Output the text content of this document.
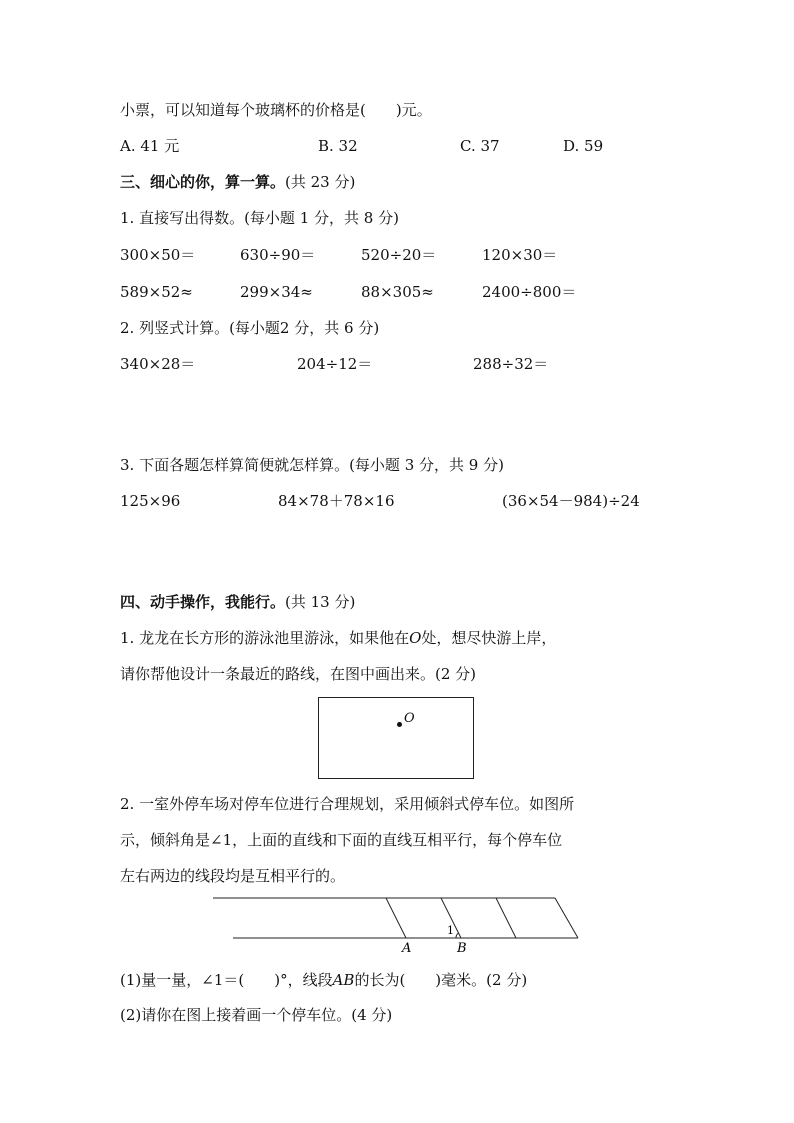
小票，可以知道每个玻璃杯的价格是( )元。
A. 41 元	B. 32	C. 37	D. 59
三、细心的你，算一算。(共 23 分)
1. 直接写出得数。(每小题 1 分，共 8 分)
300×50＝	630÷90＝	520÷20＝	120×30＝
589×52≈	299×34≈	88×305≈	2400÷800＝
2. 列竖式计算。(每小题2 分，共 6 分)
340×28＝	204÷12＝	288÷32＝
3. 下面各题怎样算简便就怎样算。(每小题 3 分，共 9 分)
125×96	84×78＋78×16	(36×54－984)÷24
四、动手操作，我能行。(共 13 分)
1. 龙龙在长方形的游泳池里游泳，如果他在O处，想尽快游上岸，
请你帮他设计一条最近的路线，在图中画出来。(2 分)
O
2. 一室外停车场对停车位进行合理规划，采用倾斜式停车位。如图所
示，倾斜角是∠1，上面的直线和下面的直线互相平行，每个停车位
左右两边的线段均是互相平行的。
A	B
1
(1)量一量，∠1＝( )°，线段AB的长为( )毫米。(2 分)
(2)请你在图上接着画一个停车位。(4 分)
